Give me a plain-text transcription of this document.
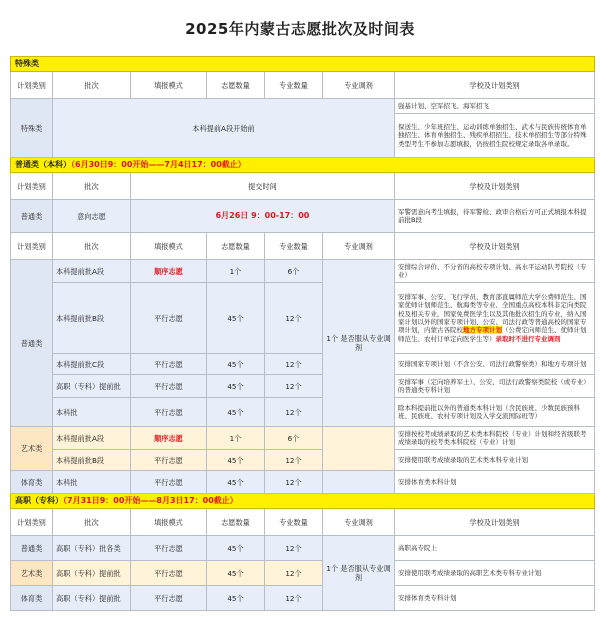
2025年内蒙古志愿批次及时间表
特殊类						
计划类别	批次	填报模式	志愿数量	专业数量	专业调剂	学校及计划类别
特殊类	本科提前A段开始前					强基计划、空军招飞、海军招飞
						保送生、少年班招生、运动训练单独招生、武术与民族传统体育单独招生、体育单独招生、残疾单招招生、技术单招招生等部分特殊类型考生不参加志愿填报，仍按招生院校规定录取各单录取。
普通类（本科）（6月30日9：00开始——7月4日17：00截止）						
计划类别	批次	提交时间				学校及计划类别
普通类	意向志愿	6月26日 9：00-17：00				军警需意向考生填报，待军警检、政审合格后方可正式填报本科提前批B段
计划类别	批次	填报模式	志愿数量	专业数量	专业调剂	学校及计划类别
普通类	本科提前批A段	顺序志愿	1个	6个	1个 是否服从专业调剂	安排综合评价、不分省的高校专项计划、高水平运动队考院校（专业）
	本科提前批B段	平行志愿	45个	12个		安排军事、公安、飞行学员、教育部直属师范大学公费师范生、国家优师计划师范生、航海类等专业、全国重点高校本科非定向类院校及相关专业，国家免费医学生以及其他批次招生的专业，纳入国家计划以外的国家专项计划、公安、司法行政等普通高校的国家专项计划，内蒙古各院校地方专项计划（公费定向师范生、优师计划师范生、农村订单定向医学生等）录取时不进行专业调剂
	本科提前批C段	平行志愿	45个	12个		安排国家专项计划（不含公安、司法行政警察类）和地方专项计划
	高职（专科）提前批	平行志愿	45个	12个		安排军事（定向培养军士）、公安、司法行政警察类院校（或专业）的普通类专科计划
	本科批	平行志愿	45个	12个		除本科提前批以外的普通类本科计划（含民族班、少数民族预科班、民族班、农村专项计划及入学交流国际班等）
艺术类	本科提前批A段	顺序志愿	1个	6个		安排按校考成绩录取的艺术类本科院校（专业）计划和经省级联考成绩录取的校考类本科院校（专业）计划
	本科提前批B段	平行志愿	45个	12个		安排使用联考成绩录取的艺术类本科专业计划
体育类	本科批	平行志愿	45个	12个		安排体育类本科计划
高职（专科）（7月31日9：00开始——8月3日17：00截止）						
计划类别	批次	填报模式	志愿数量	专业数量	专业调剂	学校及计划类别
普通类	高职（专科）批各类	平行志愿	45个	12个	1个 是否服从专业调剂	高职高专院上
艺术类	高职（专科）提前批	平行志愿	45个	12个		安排使用联考成绩录取的高职艺术类专科专业计划
体育类	高职（专科）提前批	平行志愿	45个	12个		安排体育类专科计划
